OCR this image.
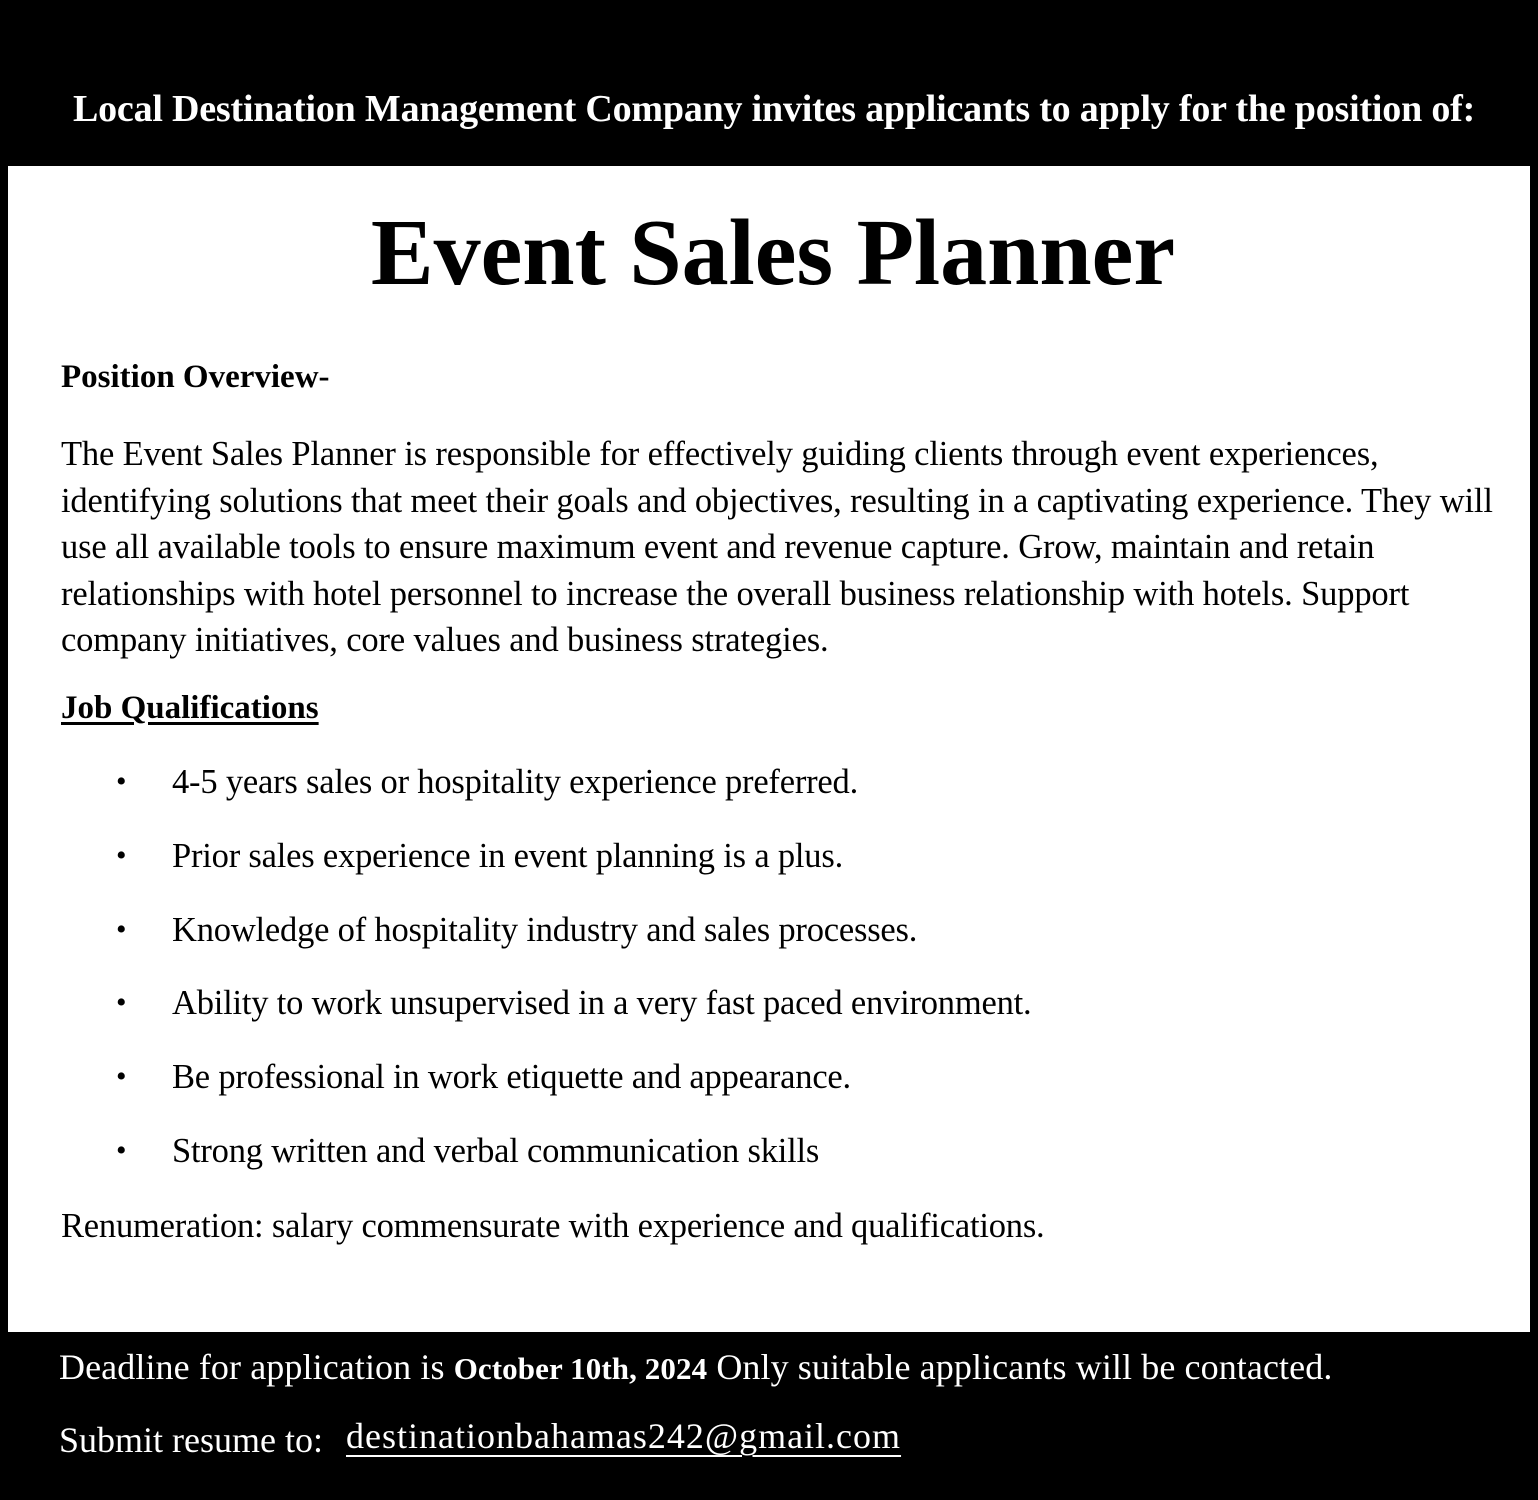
Local Destination Management Company invites applicants to apply for the position of:
Event Sales Planner
Position Overview-

The Event Sales Planner is responsible for effectively guiding clients through event experiences, identifying solutions that meet their goals and objectives, resulting in a captivating experience. They will use all available tools to ensure maximum event and revenue capture. Grow, maintain and retain relationships with hotel personnel to increase the overall business relationship with hotels. Support company initiatives, core values and business strategies.

Job Qualifications
• 4-5 years sales or hospitality experience preferred.
• Prior sales experience in event planning is a plus.
• Knowledge of hospitality industry and sales processes.
• Ability to work unsupervised in a very fast paced environment.
• Be professional in work etiquette and appearance.
• Strong written and verbal communication skills

Renumeration: salary commensurate with experience and qualifications.

Deadline for application is October 10th, 2024 Only suitable applicants will be contacted.
Submit resume to: destinationbahamas242@gmail.com
